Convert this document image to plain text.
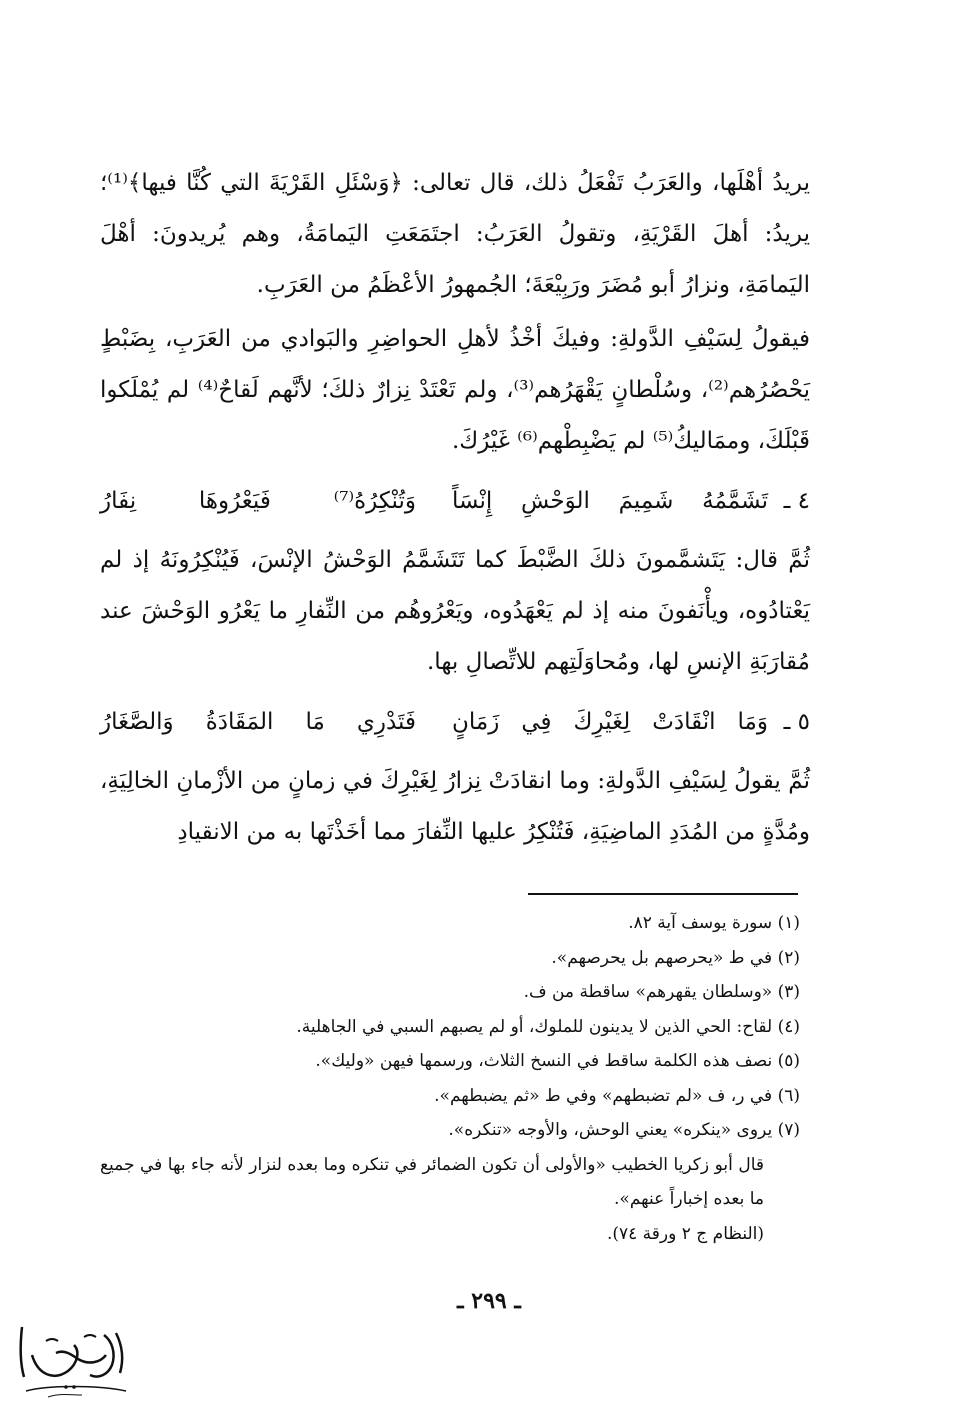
يريدُ أهْلَها، والعَرَبُ تَفْعَلُ ذلك، قال تعالى: ﴿وَسْئَلِ القَرْيَةَ التي كُنَّا فيها﴾⁽¹⁾؛ يريدُ: أهلَ القَرْيَةِ، وتقولُ العَرَبُ: اجتَمَعَتِ اليَمامَةُ، وهم يُريدونَ: أهْلَ اليَمامَةِ، ونزارُ أبو مُضَرَ ورَبِيْعَةَ؛ الجُمهورُ الأعْظَمُ من العَرَبِ.

فيقولُ لِسَيْفِ الدَّولةِ: وفيكَ أخْذُ لأهلِ الحواضِرِ والبَوادي من العَرَبِ، بِضَبْطٍ يَحْصُرُهم⁽²⁾، وسُلْطانٍ يَقْهَرُهم⁽³⁾، ولم تَعْتَدْ نِزارٌ ذلكَ؛ لأنَّهم لَقاحٌ⁽⁴⁾ لم يُمْلَكوا قَبْلَكَ، وممَاليكُ⁽⁵⁾ لم يَضْبِطْهم⁽⁶⁾ غَيْرُكَ.

٤ ـ
تَشَمَّمُهُ شَمِيمَ الوَحْشِ إِنْسَاً
وَتُنْكِرُهُ⁽⁷⁾ فَيَعْرُوهَا نِفَارُ

ثُمَّ قال: يَتَشمَّمونَ ذلكَ الضَّبْطَ كما تَتَشَمَّمُ الوَحْشُ الإنْسَ، فَيُنْكِرُونَهُ إذ لم يَعْتادُوه، ويأْنَفونَ منه إذ لم يَعْهَدُوه، ويَعْرُوهُم من النِّفارِ ما يَعْرُو الوَحْشَ عند مُقارَبَةِ الإنسِ لها، ومُحاوَلَتِهم للاتِّصالِ بها.

٥ ـ
وَمَا انْقَادَتْ لِغَيْرِكَ فِي زَمَانٍ
فَتَدْرِي مَا المَقَادَةُ وَالصَّغَارُ

ثُمَّ يقولُ لِسَيْفِ الدَّولةِ: وما انقادَتْ نِزارُ لِغَيْرِكَ في زمانٍ من الأزْمانِ الخالِيَةِ، ومُدَّةٍ من المُدَدِ الماضِيَةِ، فَتُنْكِرُ عليها النِّفارَ مما أخَذْتَها به من الانقيادِ

(١) سورة يوسف آية ٨٢.

(٢) في ط «يحرصهم بل يحرصهم».

(٣) «وسلطان يقهرهم» ساقطة من ف.

(٤) لقاح: الحي الذين لا يدينون للملوك، أو لم يصبهم السبي في الجاهلية.

(٥) نصف هذه الكلمة ساقط في النسخ الثلاث، ورسمها فيهن «وليك».

(٦) في ر، ف «لم تضبطهم» وفي ط «ثم يضبطهم».

(٧) يروى «ينكره» يعني الوحش، والأوجه «تنكره».

قال أبو زكريا الخطيب «والأولى أن تكون الضمائر في تنكره وما بعده لنزار لأنه جاء بها في جميع ما بعده إخباراً عنهم».

(النظام ج ٢ ورقة ٧٤).

ـ ٢٩٩ ـ
